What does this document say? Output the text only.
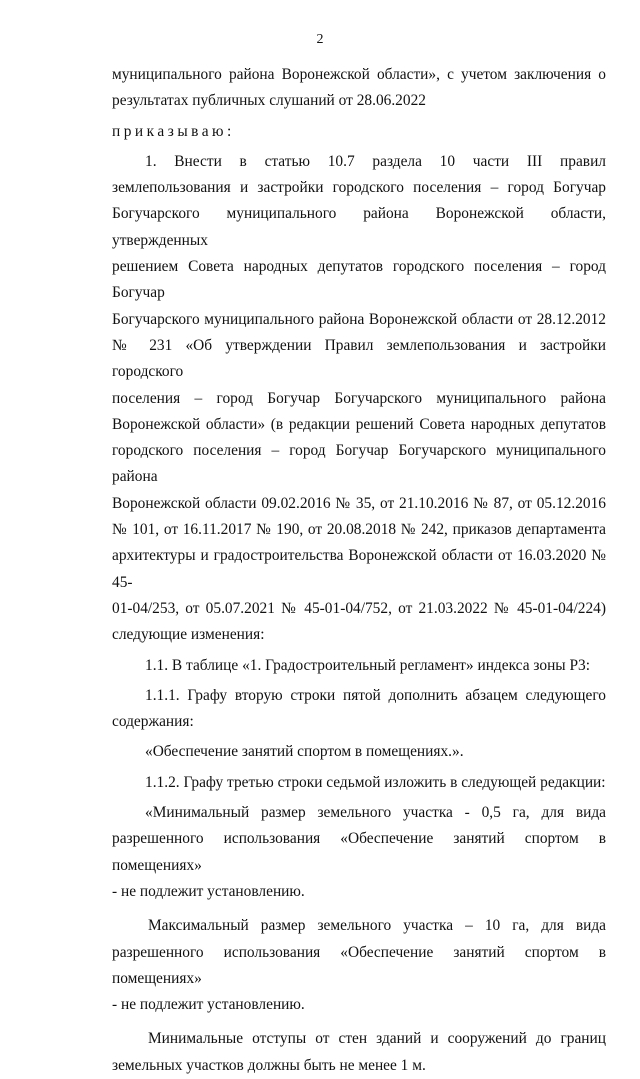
2
муниципального района Воронежской области», с учетом заключения о
результатах публичных слушаний от 28.06.2022
приказываю:
1. Внести в статью 10.7 раздела 10 части III правил
землепользования и застройки городского поселения – город Богучар
Богучарского муниципального района Воронежской области, утвержденных
решением Совета народных депутатов городского поселения – город Богучар
Богучарского муниципального района Воронежской области от 28.12.2012
№ 231 «Об утверждении Правил землепользования и застройки городского
поселения – город Богучар Богучарского муниципального района
Воронежской области» (в редакции решений Совета народных депутатов
городского поселения – город Богучар Богучарского муниципального района
Воронежской области 09.02.2016 № 35, от 21.10.2016 № 87, от 05.12.2016
№ 101, от 16.11.2017 № 190, от 20.08.2018 № 242, приказов департамента
архитектуры и градостроительства Воронежской области от 16.03.2020 № 45-
01-04/253, от 05.07.2021 № 45-01-04/752, от 21.03.2022 № 45-01-04/224)
следующие изменения:
1.1. В таблице «1. Градостроительный регламент» индекса зоны Р3:
1.1.1. Графу вторую строки пятой дополнить абзацем следующего
содержания:
«Обеспечение занятий спортом в помещениях.».
1.1.2. Графу третью строки седьмой изложить в следующей редакции:
«Минимальный размер земельного участка - 0,5 га, для вида
разрешенного использования «Обеспечение занятий спортом в помещениях»
- не подлежит установлению.
Максимальный размер земельного участка – 10 га, для вида
разрешенного использования «Обеспечение занятий спортом в помещениях»
- не подлежит установлению.
Минимальные отступы от стен зданий и сооружений до границ
земельных участков должны быть не менее 1 м.
